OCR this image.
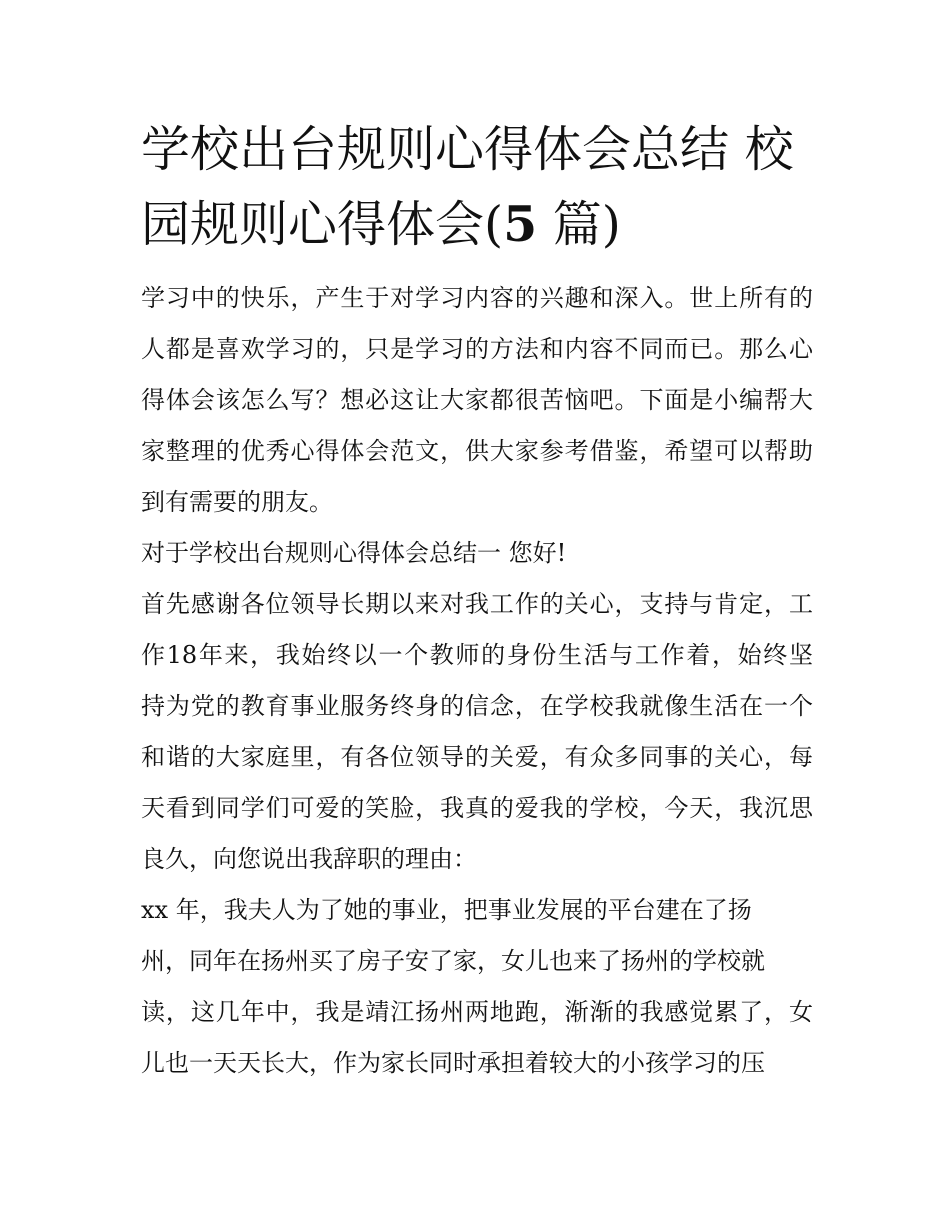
学校出台规则心得体会总结 校园规则心得体会(5 篇)
学 习 中 的 快 乐 ， 产 生 于 对 学 习 内 容 的 兴 趣 和 深 入 。 世 上 所 有 的
人 都 是 喜 欢 学 习 的 ， 只 是 学 习 的 方 法 和 内 容 不 同 而 已 。 那 么 心
得 体 会 该 怎 么 写 ？ 想 必 这 让 大 家 都 很 苦 恼 吧 。 下 面 是 小 编 帮 大
家 整 理 的 优 秀 心 得 体 会 范 文 ， 供 大 家 参 考 借 鉴 ， 希 望 可 以 帮 助
到有需要的朋友。
对于学校出台规则心得体会总结一 您好!
首 先 感 谢 各 位 领 导 长 期 以 来 对 我 工 作 的 关 心 ， 支 持 与 肯 定 ， 工
作 18 年 来 ， 我 始 终 以 一 个 教 师 的 身 份 生 活 与 工 作 着 ， 始 终 坚
持 为 党 的 教 育 事 业 服 务 终 身 的 信 念 ， 在 学 校 我 就 像 生 活 在 一 个
和 谐 的 大 家 庭 里 ， 有 各 位 领 导 的 关 爱 ， 有 众 多 同 事 的 关 心 ， 每
天 看 到 同 学 们 可 爱 的 笑 脸 ， 我 真 的 爱 我 的 学 校 ， 今 天 ， 我 沉 思
良久，向您说出我辞职的理由：
xx 年，我夫人为了她的事业，把事业发展的平台建在了扬
州，同年在扬州买了房子安了家，女儿也来了扬州的学校就
读 ， 这 几 年 中 ， 我 是 靖 江 扬 州 两 地 跑 ， 渐 渐 的 我 感 觉 累 了 ， 女
儿也一天天长大，作为家长同时承担着较大的小孩学习的压
